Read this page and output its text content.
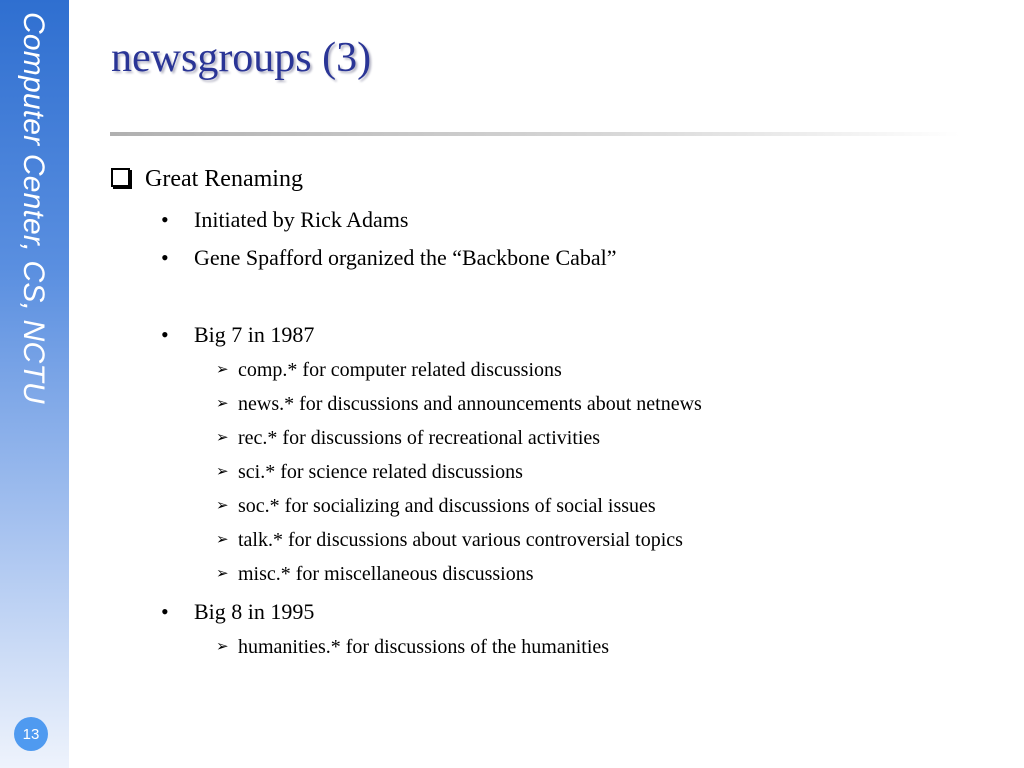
Computer Center, CS, NCTU
13
newsgroups (3)
Great Renaming
• Initiated by Rick Adams
• Gene Spafford organized the “Backbone Cabal”
• Big 7 in 1987
➢ comp.* for computer related discussions
➢ news.* for discussions and announcements about netnews
➢ rec.* for discussions of recreational activities
➢ sci.* for science related discussions
➢ soc.* for socializing and discussions of social issues
➢ talk.* for discussions about various controversial topics
➢ misc.* for miscellaneous discussions
• Big 8 in 1995
➢ humanities.* for discussions of the humanities
